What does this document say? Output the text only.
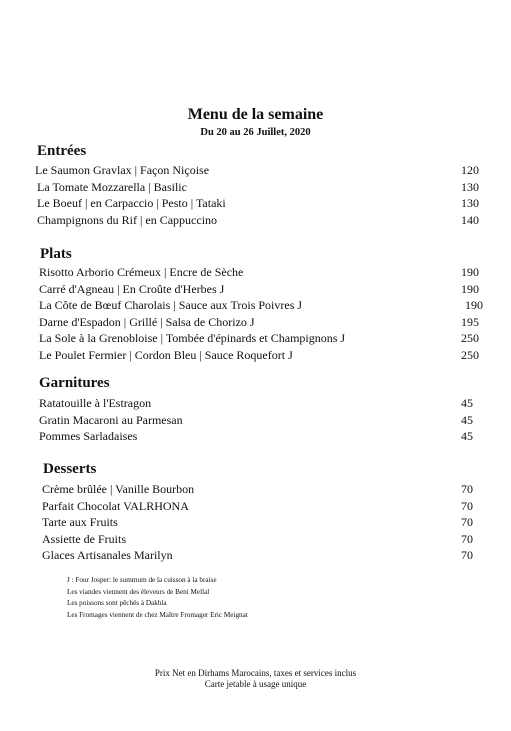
Menu de la semaine
Du 20 au 26 Juillet, 2020
Entrées
Le Saumon Gravlax | Façon Niçoise	120
La Tomate Mozzarella | Basilic	130
Le Boeuf | en Carpaccio | Pesto | Tataki	130
Champignons du Rif | en Cappuccino	140
Plats
Risotto Arborio Crémeux | Encre de Sèche	190
Carré d'Agneau | En Croûte d'Herbes J	190
La Côte de Bœuf Charolais | Sauce aux Trois Poivres J	190
Darne d'Espadon | Grillé | Salsa de Chorizo J	195
La Sole à la Grenobloise | Tombée d'épinards et Champignons J	250
Le Poulet Fermier | Cordon Bleu | Sauce Roquefort J	250
Garnitures
Ratatouille à l'Estragon	45
Gratin Macaroni au Parmesan	45
Pommes Sarladaises	45
Desserts
Crème brûlée | Vanille Bourbon	70
Parfait Chocolat VALRHONA	70
Tarte aux Fruits	70
Assiette de Fruits	70
Glaces Artisanales Marilyn	70
J : Four Josper: le summum de la cuisson à la braise
Les viandes viennent des éleveurs de Beni Mellal
Les poissons sont pêchés à Dakhla
Les Fromages viennent de chez Maître Fromager Eric Meignat
Prix Net en Dirhams Marocains, taxes et services inclus
Carte jetable à usage unique
